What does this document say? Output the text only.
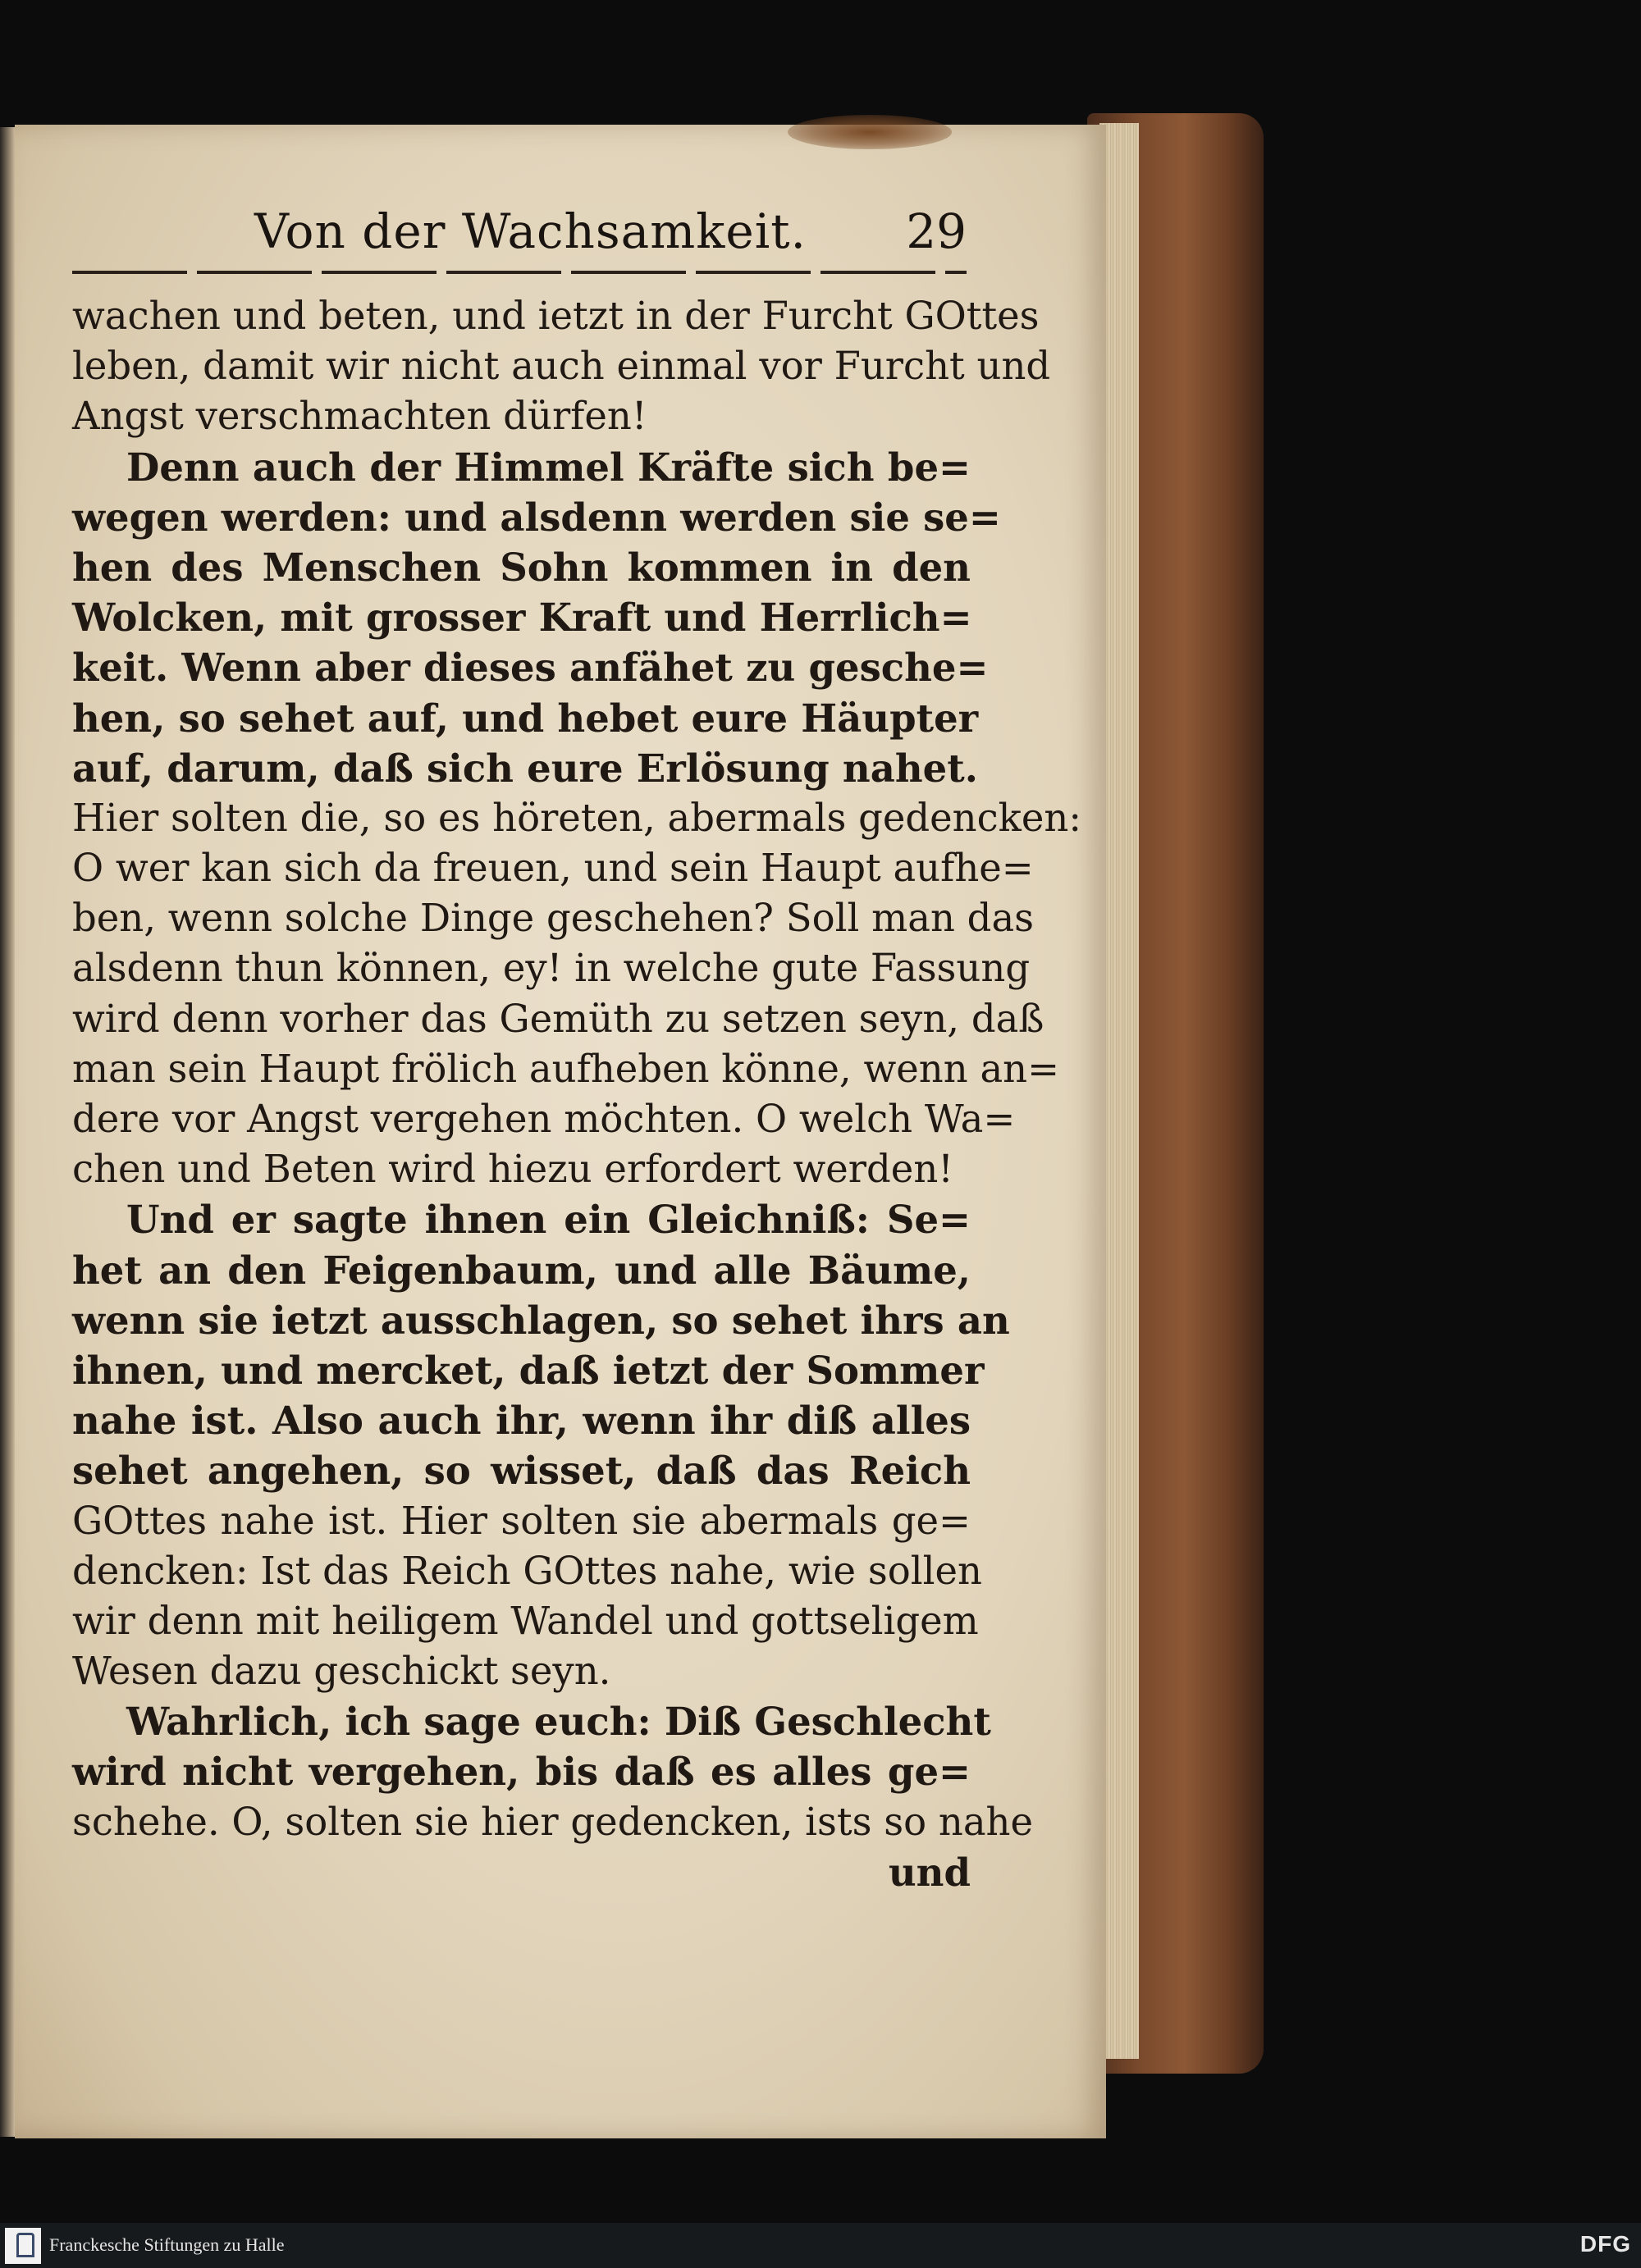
Von der Wachsamkeit. 29
wachen und beten, und ietzt in der Furcht GOttes
leben, damit wir nicht auch einmal vor Furcht und
Angst verschmachten dürfen!
Denn auch der Himmel Kräfte sich be=
wegen werden: und alsdenn werden sie se=
hen des Menschen Sohn kommen in den
Wolcken, mit grosser Kraft und Herrlich=
keit. Wenn aber dieses anfähet zu gesche=
hen, so sehet auf, und hebet eure Häupter
auf, darum, daß sich eure Erlösung nahet.
Hier solten die, so es höreten, abermals gedencken:
O wer kan sich da freuen, und sein Haupt aufhe=
ben, wenn solche Dinge geschehen? Soll man das
alsdenn thun können, ey! in welche gute Fassung
wird denn vorher das Gemüth zu setzen seyn, daß
man sein Haupt frölich aufheben könne, wenn an=
dere vor Angst vergehen möchten. O welch Wa=
chen und Beten wird hiezu erfordert werden!
Und er sagte ihnen ein Gleichniß: Se=
het an den Feigenbaum, und alle Bäume,
wenn sie ietzt ausschlagen, so sehet ihrs an
ihnen, und mercket, daß ietzt der Sommer
nahe ist. Also auch ihr, wenn ihr diß alles
sehet angehen, so wisset, daß das Reich
GOttes nahe ist. Hier solten sie abermals ge=
dencken: Ist das Reich GOttes nahe, wie sollen
wir denn mit heiligem Wandel und gottseligem
Wesen dazu geschickt seyn.
Wahrlich, ich sage euch: Diß Geschlecht
wird nicht vergehen, bis daß es alles ge=
schehe. O, solten sie hier gedencken, ists so nahe
und
Franckesche Stiftungen zu Halle	DFG
